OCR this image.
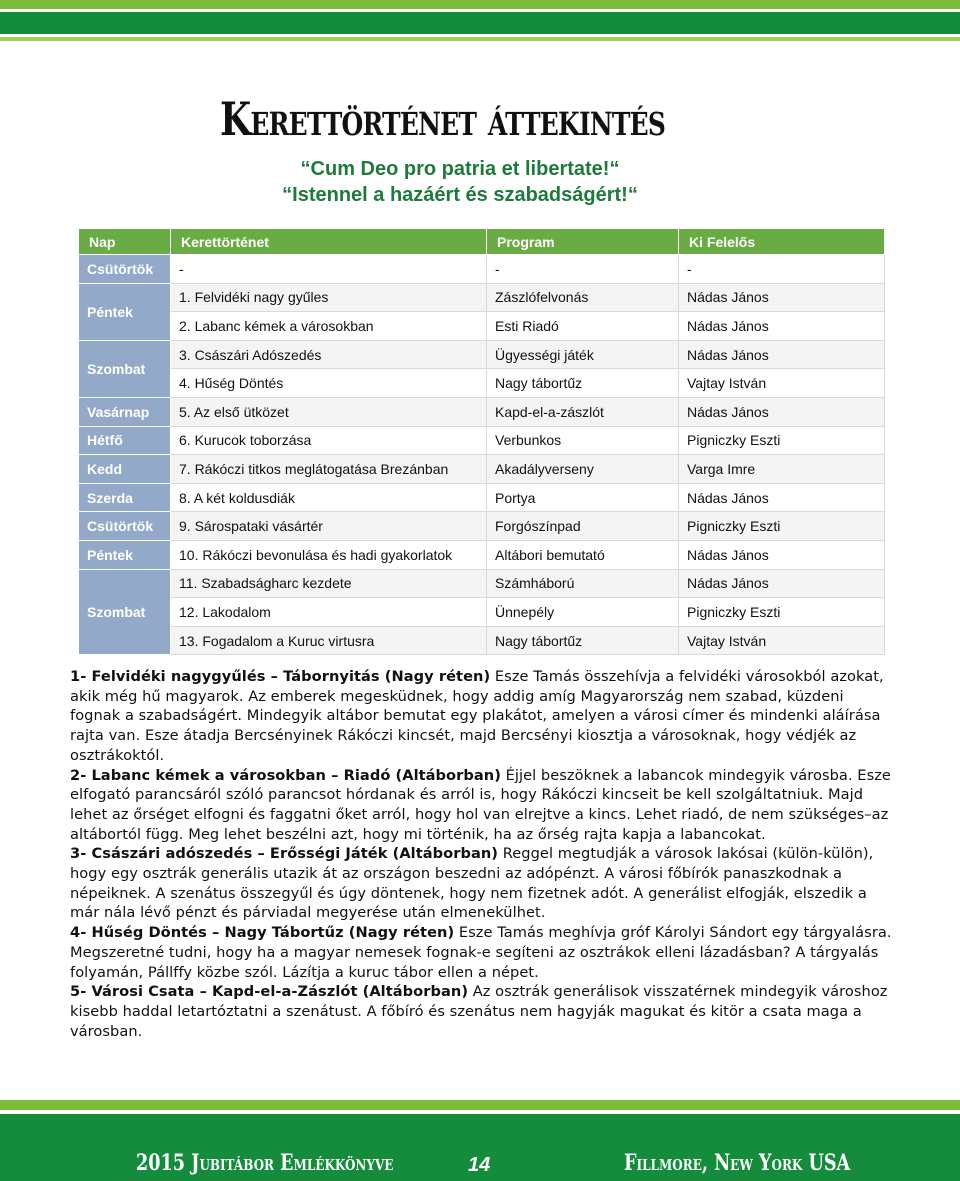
Kerettörténet áttekintés
“Cum Deo pro patria et libertate!“
“Istennel a hazáért és szabadságért!“
Nap	Kerettörténet	Program	Ki Felelős
Csütörtök	-	-	-
Péntek	1. Felvidéki nagy gyűles	Zászlófelvonás	Nádas János
	2. Labanc kémek a városokban	Esti Riadó	Nádas János
Szombat	3. Császári Adószedés	Ügyességi játék	Nádas János
	4. Hűség Döntés	Nagy tábortűz	Vajtay István
Vasárnap	5. Az első ütközet	Kapd-el-a-zászlót	Nádas János
Hétfő	6. Kurucok toborzása	Verbunkos	Pigniczky Eszti
Kedd	7. Rákóczi titkos meglátogatása Brezánban	Akadályverseny	Varga Imre
Szerda	8. A két koldusdiák	Portya	Nádas János
Csütörtök	9. Sárospataki vásártér	Forgószínpad	Pigniczky Eszti
Péntek	10. Rákóczi bevonulása és hadi gyakorlatok	Altábori bemutató	Nádas János
Szombat	11. Szabadságharc kezdete	Számháború	Nádas János
	12. Lakodalom	Ünnepély	Pigniczky Eszti
	13. Fogadalom a Kuruc virtusra	Nagy tábortűz	Vajtay István

1- Felvidéki nagygyűlés – Tábornyitás (Nagy réten) Esze Tamás összehívja a felvidéki városokból azokat, akik még hű magyarok. Az emberek megesküdnek, hogy addig amíg Magyarország nem szabad, küzdeni fognak a szabadságért. Mindegyik altábor bemutat egy plakátot, amelyen a városi címer és mindenki aláírása rajta van. Esze átadja Bercsényinek Rákóczi kincsét, majd Bercsényi kiosztja a városoknak, hogy védjék az osztrákoktól.

2- Labanc kémek a városokban – Riadó (Altáborban) Éjjel beszöknek a labancok mindegyik városba. Esze elfogató parancsáról szóló parancsot hórdanak és arról is, hogy Rákóczi kincseit be kell szolgáltatniuk. Majd lehet az őrséget elfogni és faggatni őket arról, hogy hol van elrejtve a kincs. Lehet riadó, de nem szükséges–az altábortól függ. Meg lehet beszélni azt, hogy mi történik, ha az őrség rajta kapja a labancokat.

3- Császári adószedés – Erősségi Játék (Altáborban) Reggel megtudják a városok lakósai (külön-külön), hogy egy osztrák generális utazik át az országon beszedni az adópénzt. A városi főbírók panaszkodnak a népeiknek. A szenátus összegyűl és úgy döntenek, hogy nem fizetnek adót. A generálist elfogják, elszedik a már nála lévő pénzt és párviadal megyerése után elmenekülhet.

4- Hűség Döntés – Nagy Tábortűz (Nagy réten) Esze Tamás meghívja gróf Károlyi Sándort egy tárgyalásra. Megszeretné tudni, hogy ha a magyar nemesek fognak-e segíteni az osztrákok elleni lázadásban? A tárgyalás folyamán, Pállffy közbe szól. Lázítja a kuruc tábor ellen a népet.

5- Városi Csata – Kapd-el-a-Zászlót (Altáborban) Az osztrák generálisok visszatérnek mindegyik városhoz kisebb haddal letartóztatni a szenátust. A főbíró és szenátus nem hagyják magukat és kitör a csata maga a városban.

2015 Jubitábor Emlékkönyve	14	Fillmore, New York USA
